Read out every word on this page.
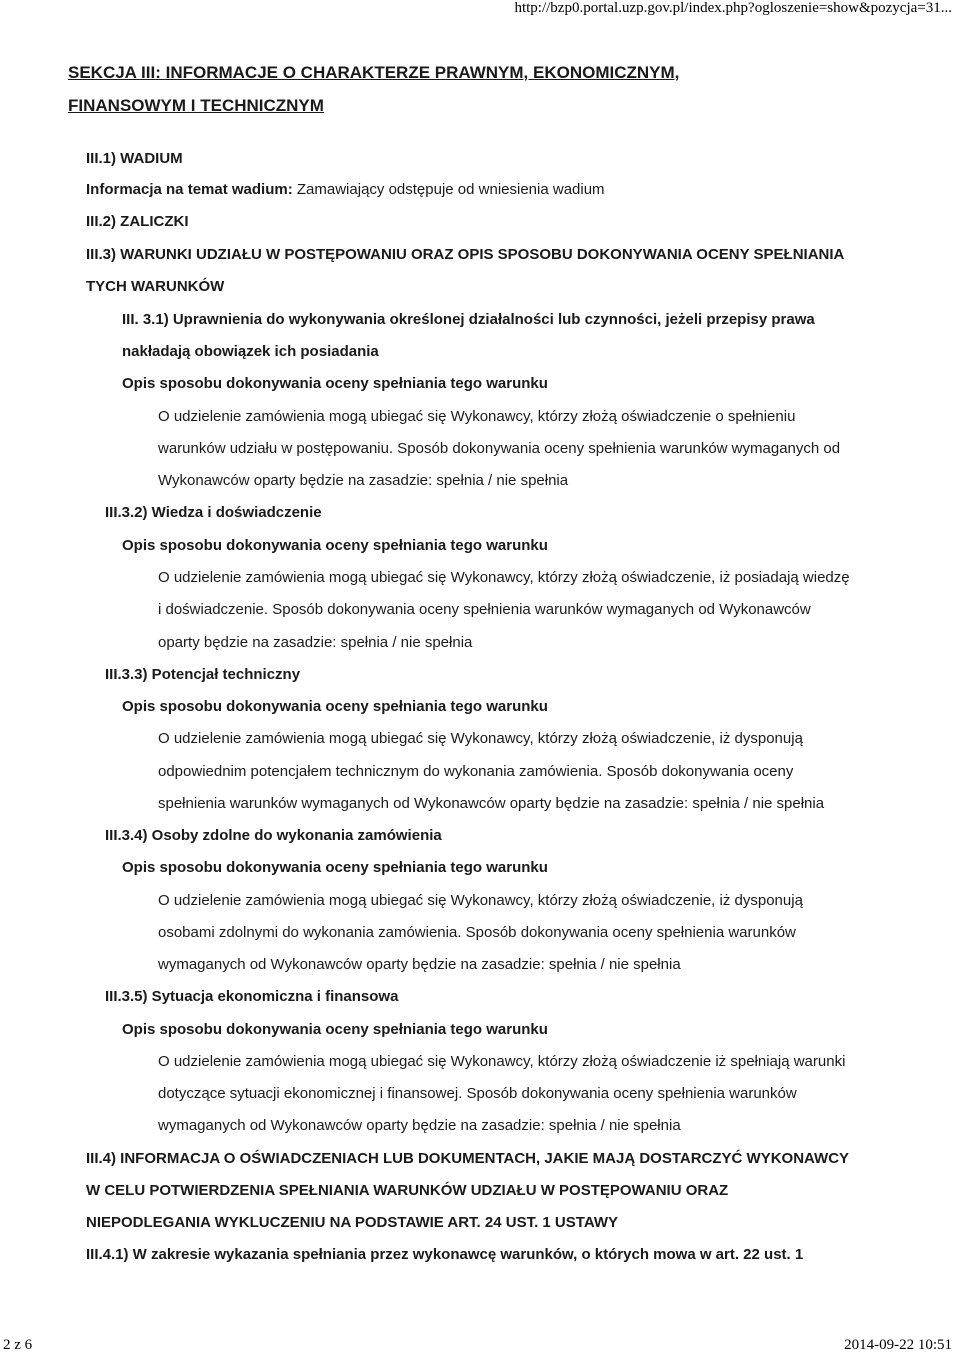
http://bzp0.portal.uzp.gov.pl/index.php?ogloszenie=show&pozycja=31...
SEKCJA III: INFORMACJE O CHARAKTERZE PRAWNYM, EKONOMICZNYM,
FINANSOWYM I TECHNICZNYM
III.1) WADIUM
Informacja na temat wadium: Zamawiający odstępuje od wniesienia wadium
III.2) ZALICZKI
III.3) WARUNKI UDZIAŁU W POSTĘPOWANIU ORAZ OPIS SPOSOBU DOKONYWANIA OCENY SPEŁNIANIA
TYCH WARUNKÓW
III. 3.1) Uprawnienia do wykonywania określonej działalności lub czynności, jeżeli przepisy prawa
nakładają obowiązek ich posiadania
Opis sposobu dokonywania oceny spełniania tego warunku
O udzielenie zamówienia mogą ubiegać się Wykonawcy, którzy złożą oświadczenie o spełnieniu
warunków udziału w postępowaniu. Sposób dokonywania oceny spełnienia warunków wymaganych od
Wykonawców oparty będzie na zasadzie: spełnia / nie spełnia
III.3.2) Wiedza i doświadczenie
Opis sposobu dokonywania oceny spełniania tego warunku
O udzielenie zamówienia mogą ubiegać się Wykonawcy, którzy złożą oświadczenie, iż posiadają wiedzę
i doświadczenie. Sposób dokonywania oceny spełnienia warunków wymaganych od Wykonawców
oparty będzie na zasadzie: spełnia / nie spełnia
III.3.3) Potencjał techniczny
Opis sposobu dokonywania oceny spełniania tego warunku
O udzielenie zamówienia mogą ubiegać się Wykonawcy, którzy złożą oświadczenie, iż dysponują
odpowiednim potencjałem technicznym do wykonania zamówienia. Sposób dokonywania oceny
spełnienia warunków wymaganych od Wykonawców oparty będzie na zasadzie: spełnia / nie spełnia
III.3.4) Osoby zdolne do wykonania zamówienia
Opis sposobu dokonywania oceny spełniania tego warunku
O udzielenie zamówienia mogą ubiegać się Wykonawcy, którzy złożą oświadczenie, iż dysponują
osobami zdolnymi do wykonania zamówienia. Sposób dokonywania oceny spełnienia warunków
wymaganych od Wykonawców oparty będzie na zasadzie: spełnia / nie spełnia
III.3.5) Sytuacja ekonomiczna i finansowa
Opis sposobu dokonywania oceny spełniania tego warunku
O udzielenie zamówienia mogą ubiegać się Wykonawcy, którzy złożą oświadczenie iż spełniają warunki
dotyczące sytuacji ekonomicznej i finansowej. Sposób dokonywania oceny spełnienia warunków
wymaganych od Wykonawców oparty będzie na zasadzie: spełnia / nie spełnia
III.4) INFORMACJA O OŚWIADCZENIACH LUB DOKUMENTACH, JAKIE MAJĄ DOSTARCZYĆ WYKONAWCY
W CELU POTWIERDZENIA SPEŁNIANIA WARUNKÓW UDZIAŁU W POSTĘPOWANIU ORAZ
NIEPODLEGANIA WYKLUCZENIU NA PODSTAWIE ART. 24 UST. 1 USTAWY
III.4.1) W zakresie wykazania spełniania przez wykonawcę warunków, o których mowa w art. 22 ust. 1
2 z 6	2014-09-22 10:51
